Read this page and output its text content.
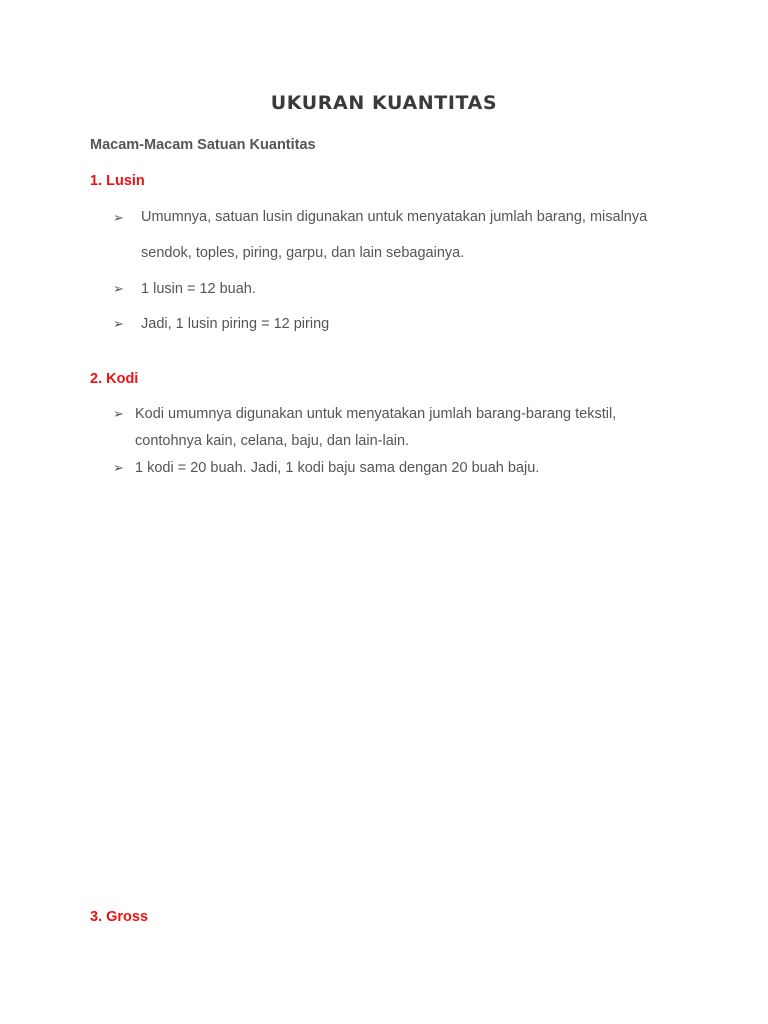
UKURAN KUANTITAS

Macam-Macam Satuan Kuantitas

1. Lusin

➢ Umumnya, satuan lusin digunakan untuk menyatakan jumlah barang, misalnya

sendok, toples, piring, garpu, dan lain sebagainya.

➢ 1 lusin = 12 buah.

➢ Jadi, 1 lusin piring = 12 piring

2. Kodi

➢ Kodi umumnya digunakan untuk menyatakan jumlah barang-barang tekstil,

contohnya kain, celana, baju, dan lain-lain.

➢ 1 kodi = 20 buah. Jadi, 1 kodi baju sama dengan 20 buah baju.

3. Gross
